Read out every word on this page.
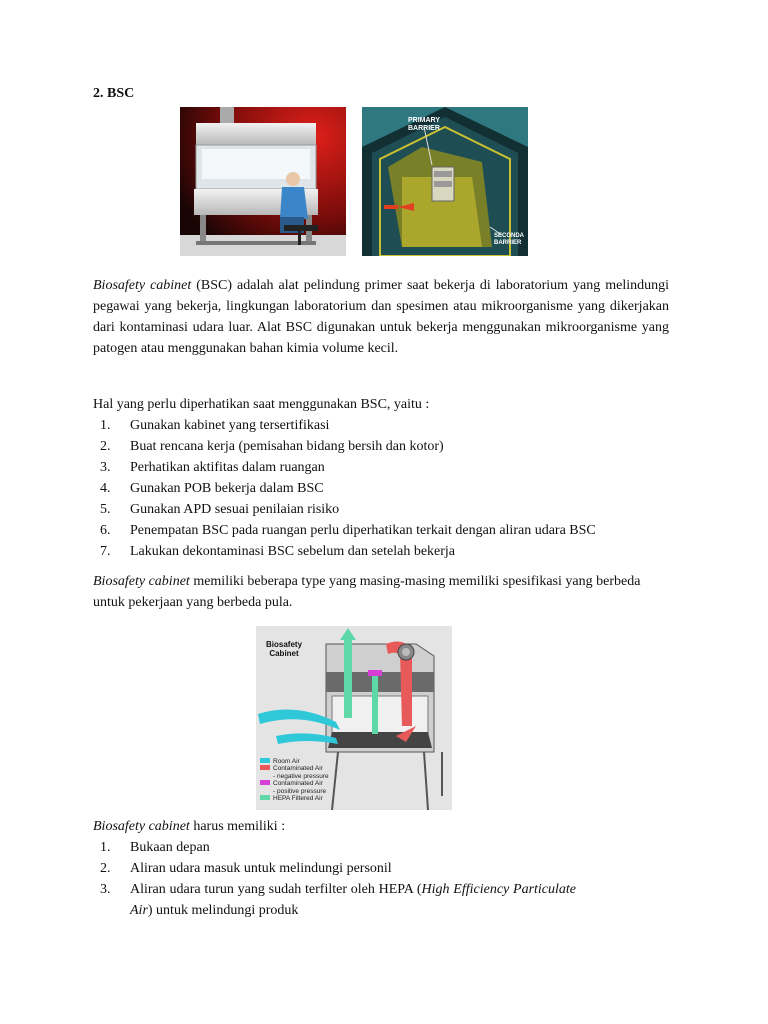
2. BSC
PRIMARY
BARRIER
SECONDA
BARRIER

Biosafety cabinet (BSC) adalah alat pelindung primer saat bekerja di laboratorium yang melindungi pegawai yang bekerja, lingkungan laboratorium dan spesimen atau mikroorganisme yang dikerjakan dari kontaminasi udara luar. Alat BSC digunakan untuk bekerja menggunakan mikroorganisme yang patogen atau menggunakan bahan kimia volume kecil.

Hal yang perlu diperhatikan saat menggunakan BSC, yaitu :

1. Gunakan kabinet yang tersertifikasi
2. Buat rencana kerja (pemisahan bidang bersih dan kotor)
3. Perhatikan aktifitas dalam ruangan
4. Gunakan POB bekerja dalam BSC
5. Gunakan APD sesuai penilaian risiko
6. Penempatan BSC pada ruangan perlu diperhatikan terkait dengan aliran udara BSC
7. Lakukan dekontaminasi BSC sebelum dan setelah bekerja

Biosafety cabinet memiliki beberapa type yang masing-masing memiliki spesifikasi yang berbeda untuk pekerjaan yang berbeda pula.

Biosafety
Cabinet
Room Air
Contaminated Air
- negative pressure
Contaminated Air
- positive pressure
HEPA Filtered Air

Biosafety cabinet harus memiliki :

1. Bukaan depan
2. Aliran udara masuk untuk melindungi personil
3. Aliran udara turun yang sudah terfilter oleh HEPA (High Efficiency Particulate Air) untuk melindungi produk
